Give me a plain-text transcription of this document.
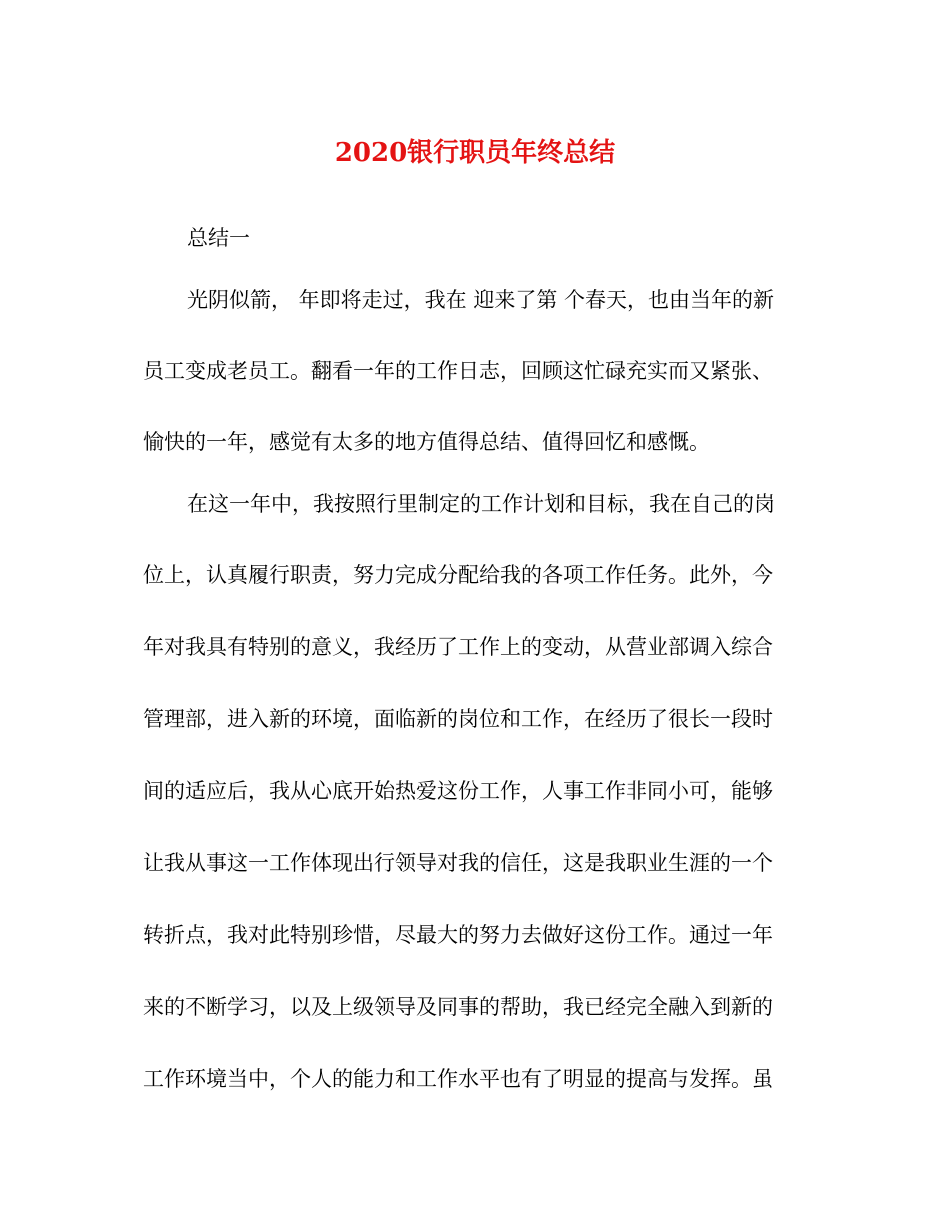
2020银行职员年终总结
总结一
光阴似箭， 年即将走过，我在 迎来了第 个春天，也由当年的新
员工变成老员工。翻看一年的工作日志，回顾这忙碌充实而又紧张、
愉快的一年，感觉有太多的地方值得总结、值得回忆和感慨。
在这一年中，我按照行里制定的工作计划和目标，我在自己的岗
位上，认真履行职责，努力完成分配给我的各项工作任务。此外，今
年对我具有特别的意义，我经历了工作上的变动，从营业部调入综合
管理部，进入新的环境，面临新的岗位和工作，在经历了很长一段时
间的适应后，我从心底开始热爱这份工作，人事工作非同小可，能够
让我从事这一工作体现出行领导对我的信任，这是我职业生涯的一个
转折点，我对此特别珍惜，尽最大的努力去做好这份工作。通过一年
来的不断学习，以及上级领导及同事的帮助，我已经完全融入到新的
工作环境当中，个人的能力和工作水平也有了明显的提高与发挥。虽
